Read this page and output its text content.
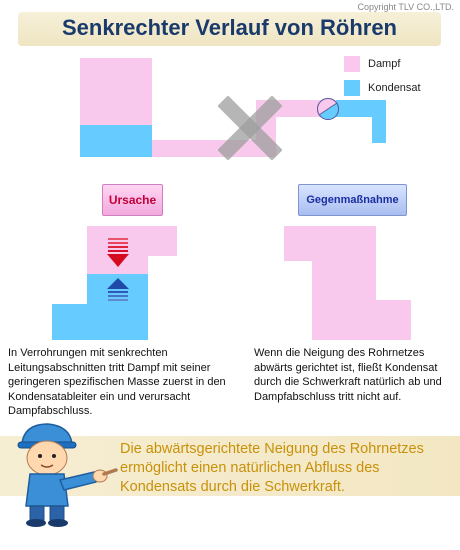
Copyright TLV CO.,LTD.
Senkrechter Verlauf von Röhren
Dampf
Kondensat
Ursache	Gegenmaßnahme
In Verrohrungen mit senkrechten Leitungsabschnitten tritt Dampf mit seiner geringeren spezifischen Masse zuerst in den Kondensatableiter ein und verursacht Dampfabschluss.
Wenn die Neigung des Rohrnetzes abwärts gerichtet ist, fließt Kondensat durch die Schwerkraft natürlich ab und Dampfabschluss tritt nicht auf.
Die abwärtsgerichtete Neigung des Rohrnetzes ermöglicht einen natürlichen Abfluss des Kondensats durch die Schwerkraft.
